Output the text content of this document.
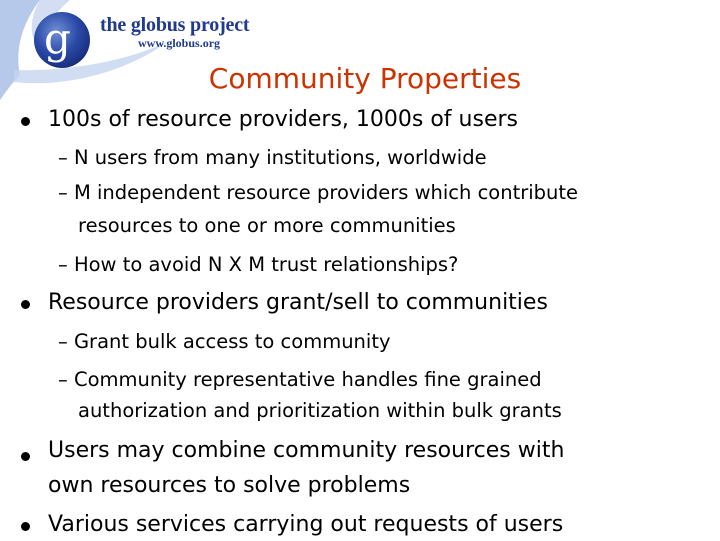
g the globus project
www.globus.org
Community Properties

100s of resource providers, 1000s of users

– N users from many institutions, worldwide

– M independent resource providers which contribute

resources to one or more communities

– How to avoid N X M trust relationships?

Resource providers grant/sell to communities

– Grant bulk access to community

– Community representative handles fine grained

authorization and prioritization within bulk grants

Users may combine community resources with

own resources to solve problems

Various services carrying out requests of users
